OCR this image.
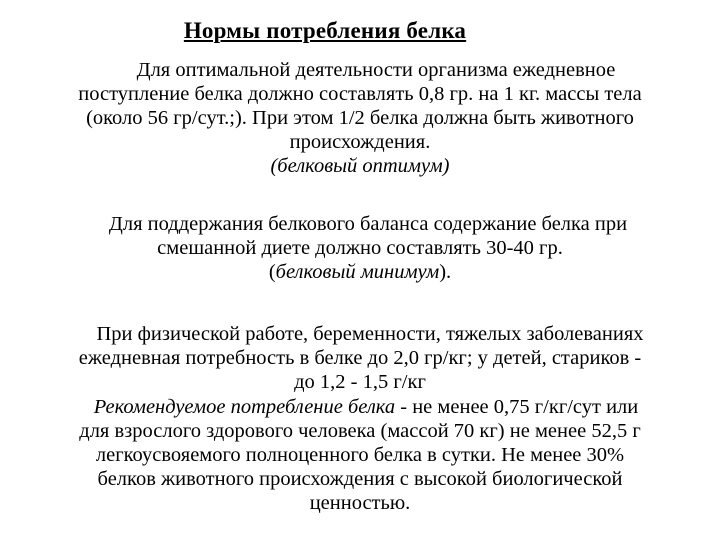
Нормы потребления белка
Для оптимальной деятельности организма ежедневное
поступление белка должно составлять 0,8 гр. на 1 кг. массы тела
(около 56 гр/сут.;). При этом 1/2 белка должна быть животного
происхождения.
(белковый оптимум)
Для поддержания белкового баланса содержание белка при
смешанной диете должно составлять 30-40 гр.
(белковый минимум).
При физической работе, беременности, тяжелых заболеваниях
ежедневная потребность в белке до 2,0 гр/кг; у детей, стариков -
до 1,2 - 1,5 г/кг
Рекомендуемое потребление белка - не менее 0,75 г/кг/сут или
для взрослого здорового человека (массой 70 кг) не менее 52,5 г
легкоусвояемого полноценного белка в сутки. Не менее 30%
белков животного происхождения с высокой биологической
ценностью.
